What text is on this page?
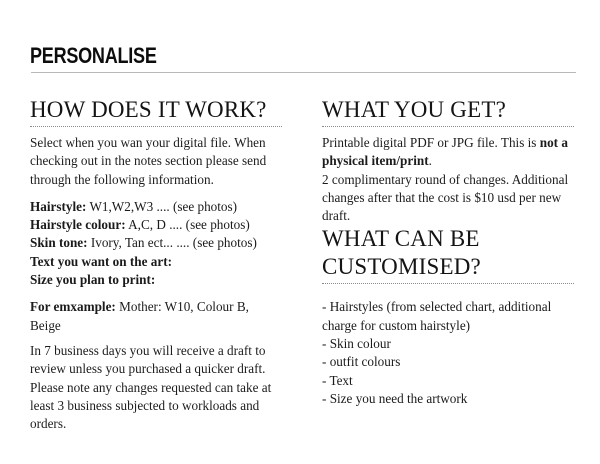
PERSONALISE
HOW DOES IT WORK?

Select when you wan your digital file. When checking out in the notes section please send through the following information.

Hairstyle: W1,W2,W3 .... (see photos)
Hairstyle colour: A,C, D .... (see photos)
Skin tone: Ivory, Tan ect... .... (see photos)
Text you want on the art:
Size you plan to print:

For emxample: Mother: W10, Colour B, Beige

In 7 business days you will receive a draft to review unless you purchased a quicker draft. Please note any changes requested can take at least 3 business subjected to workloads and orders.

WHAT YOU GET?

Printable digital PDF or JPG file. This is not a physical item/print.

2 complimentary round of changes. Additional changes after that the cost is $10 usd per new draft.

WHAT CAN BE CUSTOMISED?
- Hairstyles (from selected chart, additional charge for custom hairstyle)
- Skin colour
- outfit colours
- Text
- Size you need the artwork
